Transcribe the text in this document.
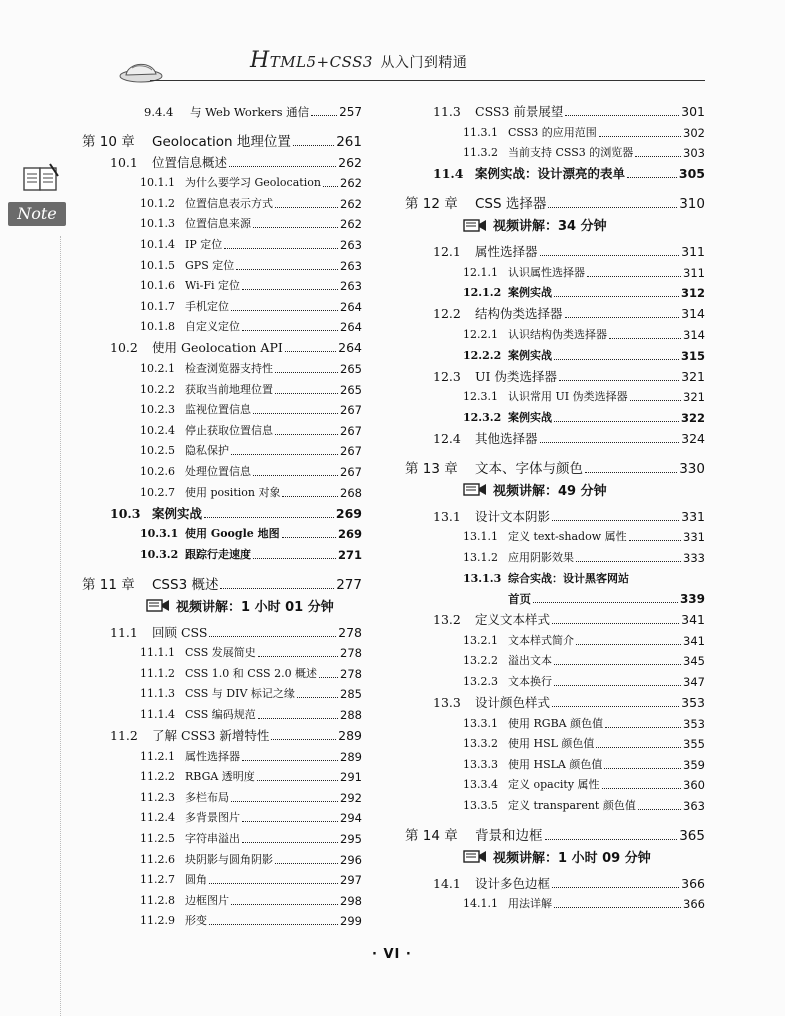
HTML5+CSS3 从入门到精通
Note
9.4.4	与 Web Workers 通信 257
第 10 章	Geolocation 地理位置	261
10.1	位置信息概述	262
10.1.1 为什么要学习 Geolocation 262
10.1.2 位置信息表示方式	262
10.1.3 位置信息来源	262
10.1.4 IP 定位	263
10.1.5 GPS 定位	263
10.1.6 Wi-Fi 定位	263
10.1.7 手机定位	264
10.1.8 自定义定位	264
10.2	使用 Geolocation API	264
10.2.1 检查浏览器支持性	265
10.2.2 获取当前地理位置	265
10.2.3 监视位置信息	267
10.2.4 停止获取位置信息	267
10.2.5 隐私保护	267
10.2.6 处理位置信息	267
10.2.7 使用 position 对象	268
10.3 案例实战	269
10.3.1 使用 Google 地图	269
10.3.2 跟踪行走速度	271
第 11 章	CSS3 概述	277
视频讲解：1 小时 01 分钟
11.1	回顾 CSS	278
11.1.1 CSS 发展简史	278
11.1.2 CSS 1.0 和 CSS 2.0 概述 278
11.1.3 CSS 与 DIV 标记之缘	285
11.1.4 CSS 编码规范	288
11.2	了解 CSS3 新增特性	289
11.2.1 属性选择器	289
11.2.2 RBGA 透明度	291
11.2.3 多栏布局	292
11.2.4 多背景图片	294
11.2.5 字符串溢出	295
11.2.6 块阴影与圆角阴影	296
11.2.7 圆角	297
11.2.8 边框图片	298
11.2.9 形变	299
11.3	CSS3 前景展望	301
11.3.1 CSS3 的应用范围	302
11.3.2 当前支持 CSS3 的浏览器	303
11.4 案例实战：设计漂亮的表单	305
第 12 章	CSS 选择器	310
视频讲解：34 分钟
12.1	属性选择器	311
12.1.1 认识属性选择器	311
12.1.2 案例实战	312
12.2	结构伪类选择器	314
12.2.1 认识结构伪类选择器	314
12.2.2 案例实战	315
12.3	UI 伪类选择器	321
12.3.1 认识常用 UI 伪类选择器	321
12.3.2 案例实战	322
12.4	其他选择器	324
第 13 章	文本、字体与颜色	330
视频讲解：49 分钟
13.1	设计文本阴影	331
13.1.1 定义 text-shadow 属性	331
13.1.2 应用阴影效果	333
13.1.3 综合实战：设计黑客网站
首页	339
13.2	定义文本样式	341
13.2.1 文本样式简介	341
13.2.2 溢出文本	345
13.2.3 文本换行	347
13.3	设计颜色样式	353
13.3.1 使用 RGBA 颜色值	353
13.3.2 使用 HSL 颜色值	355
13.3.3 使用 HSLA 颜色值	359
13.3.4 定义 opacity 属性	360
13.3.5 定义 transparent 颜色值	363
第 14 章	背景和边框	365
视频讲解：1 小时 09 分钟
14.1	设计多色边框	366
14.1.1 用法详解	366
· VI ·
